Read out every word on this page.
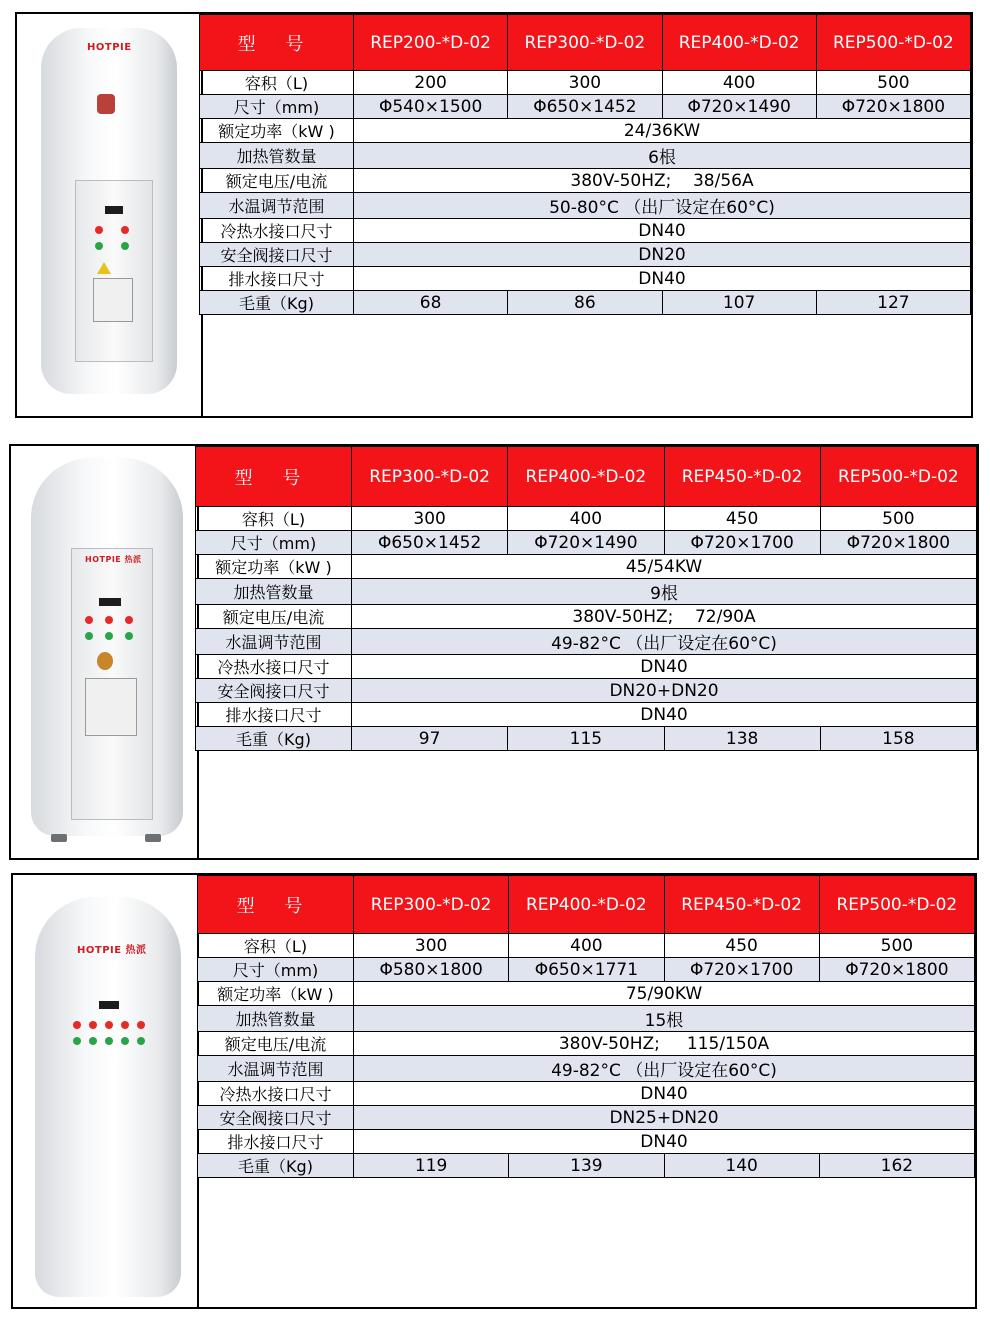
HOTPIE	型 号	REP200-*D-02	REP300-*D-02	REP400-*D-02	REP500-*D-02
容积（L)	200	300	400	500
尺寸（mm)	Φ540×1500	Φ650×1452	Φ720×1490	Φ720×1800
额定功率（kW )	24/36KW			
加热管数量	6根			
额定电压/电流	380V-50HZ;    38/56A			
水温调节范围	50-80°C （出厂设定在60°C)			
冷热水接口尺寸	DN40			
安全阀接口尺寸	DN20			
排水接口尺寸	DN40			
毛重（Kg)	68	86	107	127
HOTPIE 热派
型 号	REP300-*D-02	REP400-*D-02	REP450-*D-02	REP500-*D-02
容积（L)	300	400	450	500
尺寸（mm)	Φ650×1452	Φ720×1490	Φ720×1700	Φ720×1800
额定功率（kW )	45/54KW			
加热管数量	9根			
额定电压/电流	380V-50HZ;    72/90A			
水温调节范围	49-82°C （出厂设定在60°C)			
冷热水接口尺寸	DN40			
安全阀接口尺寸	DN20+DN20			
排水接口尺寸	DN40			
毛重（Kg)	97	115	138	158
HOTPIE 热派
型 号	REP300-*D-02	REP400-*D-02	REP450-*D-02	REP500-*D-02
容积（L)	300	400	450	500
尺寸（mm)	Φ580×1800	Φ650×1771	Φ720×1700	Φ720×1800
额定功率（kW )	75/90KW			
加热管数量	15根			
额定电压/电流	380V-50HZ;     115/150A			
水温调节范围	49-82°C （出厂设定在60°C)			
冷热水接口尺寸	DN40			
安全阀接口尺寸	DN25+DN20			
排水接口尺寸	DN40			
毛重（Kg)	119	139	140	162
